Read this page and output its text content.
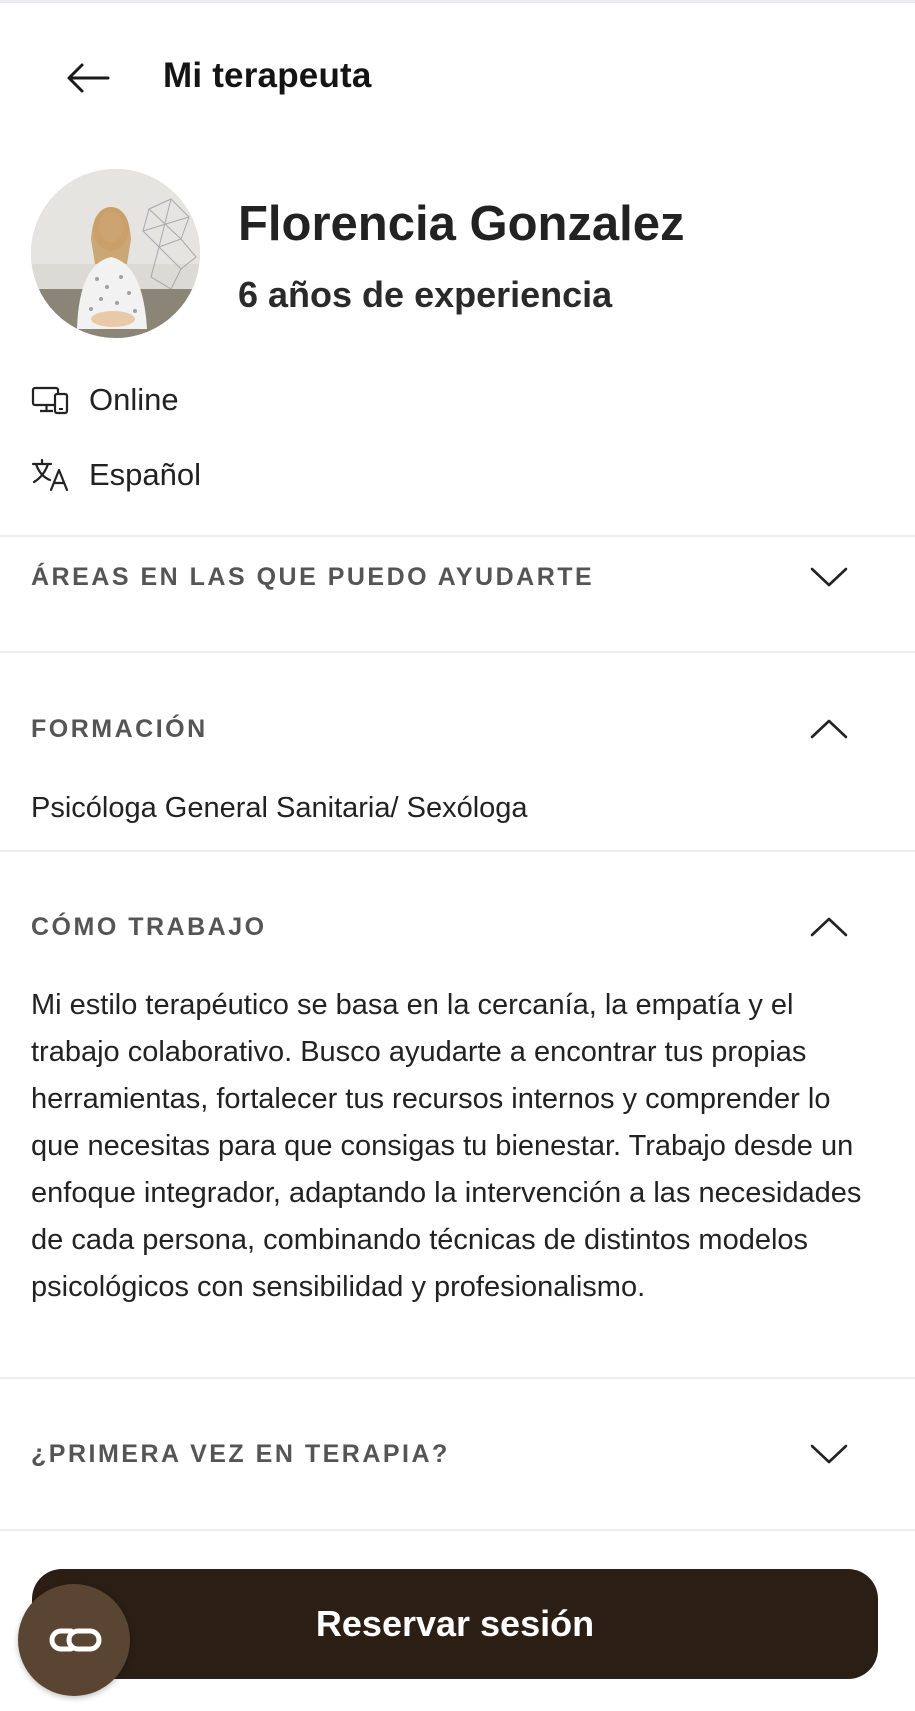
Mi terapeuta
Florencia Gonzalez
6 años de experiencia
Online
Español
ÁREAS EN LAS QUE PUEDO AYUDARTE
FORMACIÓN
Psicóloga General Sanitaria/ Sexóloga
CÓMO TRABAJO
Mi estilo terapéutico se basa en la cercanía, la empatía y el trabajo colaborativo. Busco ayudarte a encontrar tus propias herramientas, fortalecer tus recursos internos y comprender lo que necesitas para que consigas tu bienestar. Trabajo desde un enfoque integrador, adaptando la intervención a las necesidades de cada persona, combinando técnicas de distintos modelos psicológicos con sensibilidad y profesionalismo.
¿PRIMERA VEZ EN TERAPIA?
Reservar sesión
